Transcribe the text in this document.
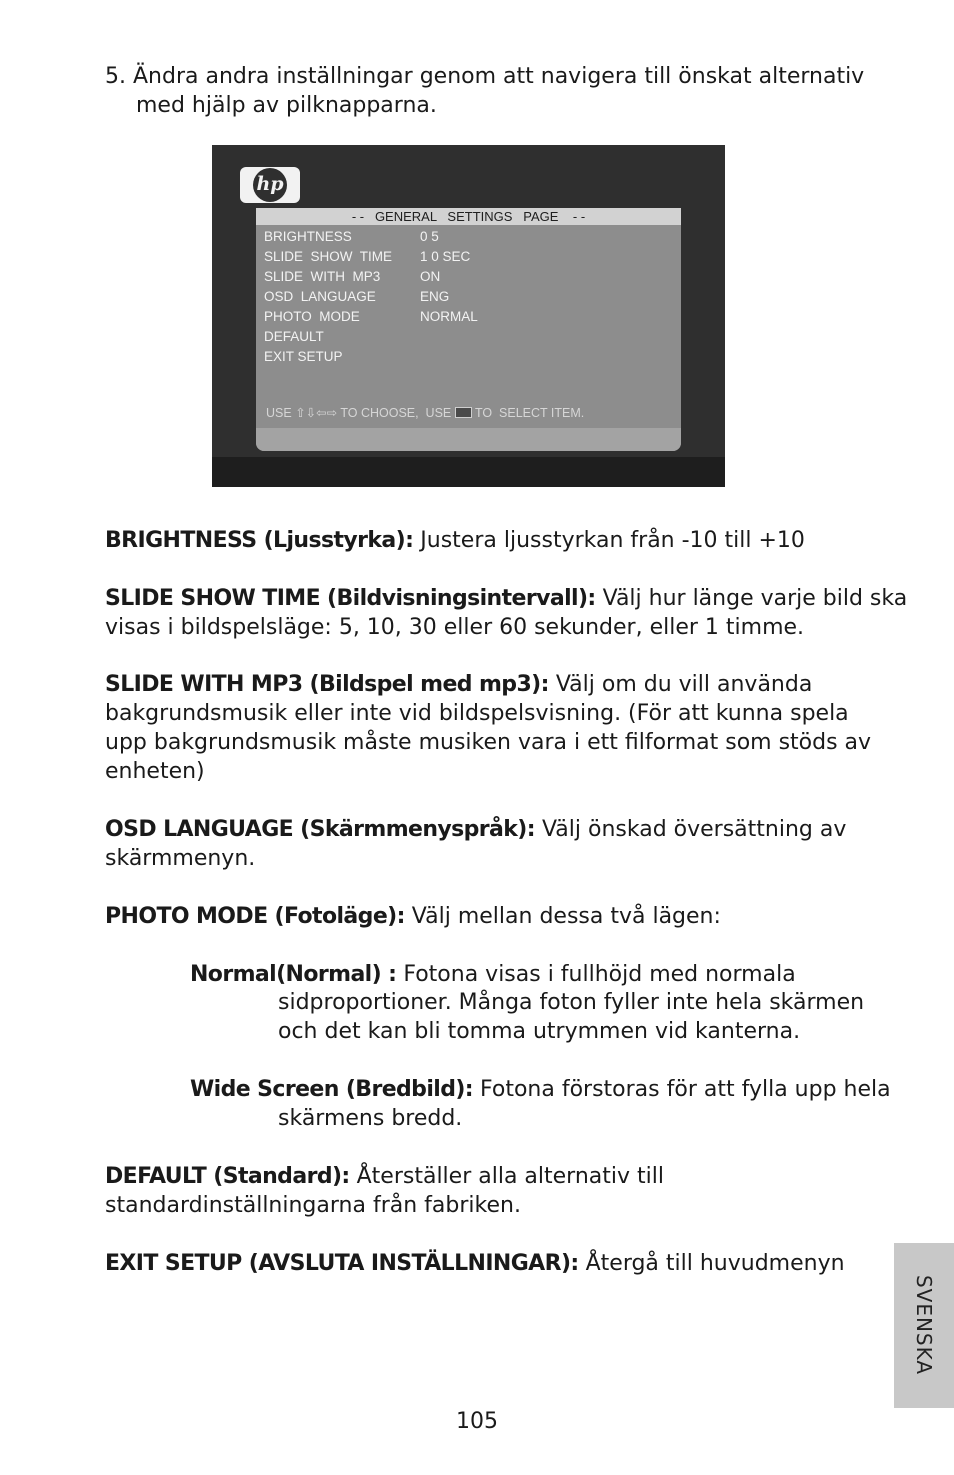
5. Ändra andra inställningar genom att navigera till önskat alternativ
med hjälp av pilknapparna.
hp
- -   GENERAL   SETTINGS   PAGE    - -

BRIGHTNESS	0 5

SLIDE  SHOW  TIME 1 0 SEC

SLIDE  WITH  MP3	ON

OSD  LANGUAGE	ENG

PHOTO  MODE	NORMAL

DEFAULT

EXIT SETUP

USE ⇧⇩⇦⇨ TO CHOOSE,  USE  TO  SELECT ITEM.
BRIGHTNESS (Ljusstyrka): Justera ljusstyrkan från -10 till +10
SLIDE SHOW TIME (Bildvisningsintervall): Välj hur länge varje bild ska
visas i bildspelsläge: 5, 10, 30 eller 60 sekunder, eller 1 timme.
SLIDE WITH MP3 (Bildspel med mp3): Välj om du vill använda
bakgrundsmusik eller inte vid bildspelsvisning. (För att kunna spela
upp bakgrundsmusik måste musiken vara i ett filformat som stöds av
enheten)
OSD LANGUAGE (Skärmmenyspråk): Välj önskad översättning av
skärmmenyn.
PHOTO MODE (Fotoläge): Välj mellan dessa två lägen:
Normal(Normal) : Fotona visas i fullhöjd med normala
sidproportioner. Många foton fyller inte hela skärmen
och det kan bli tomma utrymmen vid kanterna.
Wide Screen (Bredbild): Fotona förstoras för att fylla upp hela
skärmens bredd.
DEFAULT (Standard): Återställer alla alternativ till
standardinställningarna från fabriken.
EXIT SETUP (AVSLUTA INSTÄLLNINGAR): Återgå till huvudmenyn
SVENSKA
105
